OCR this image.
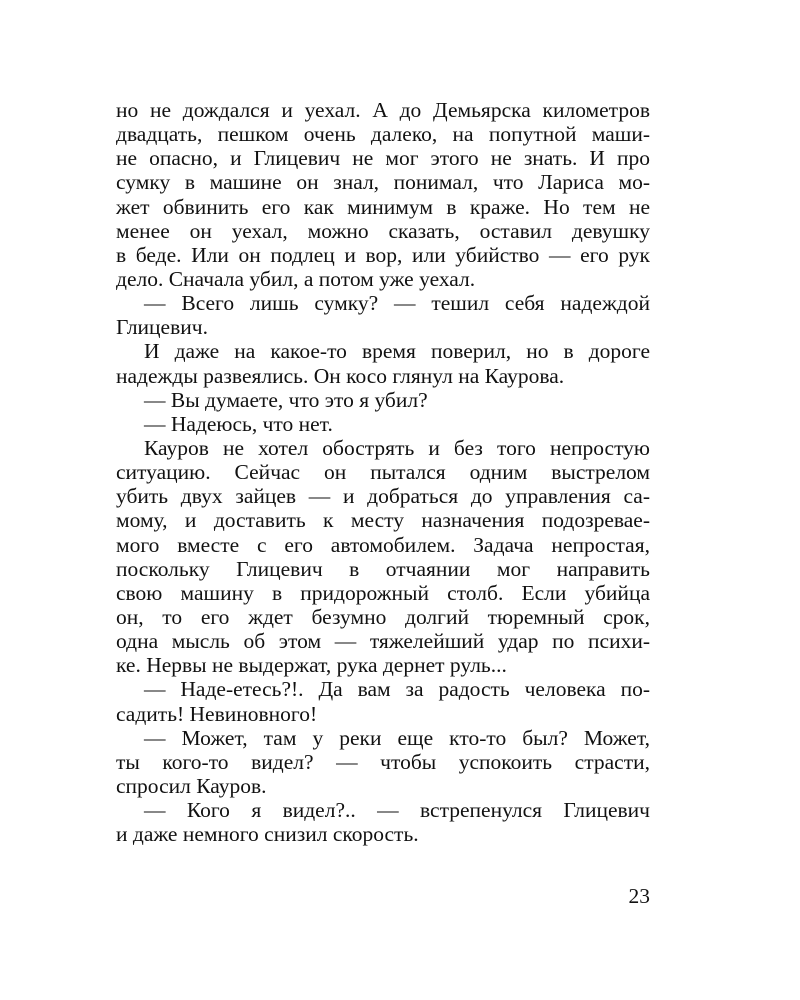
но не дождался и уехал. А до Демьярска километров
двадцать, пешком очень далеко, на попутной маши-
не опасно, и Глицевич не мог этого не знать. И про
сумку в машине он знал, понимал, что Лариса мо-
жет обвинить его как минимум в краже. Но тем не
менее он уехал, можно сказать, оставил девушку
в беде. Или он подлец и вор, или убийство — его рук
дело. Сначала убил, а потом уже уехал.
— Всего лишь сумку? — тешил себя надеждой
Глицевич.
И даже на какое-то время поверил, но в дороге
надежды развеялись. Он косо глянул на Каурова.
— Вы думаете, что это я убил?
— Надеюсь, что нет.
Кауров не хотел обострять и без того непростую
ситуацию. Сейчас он пытался одним выстрелом
убить двух зайцев — и добраться до управления са-
мому, и доставить к месту назначения подозревае-
мого вместе с его автомобилем. Задача непростая,
поскольку Глицевич в отчаянии мог направить
свою машину в придорожный столб. Если убийца
он, то его ждет безумно долгий тюремный срок,
одна мысль об этом — тяжелейший удар по психи-
ке. Нервы не выдержат, рука дернет руль...
— Наде-етесь?!. Да вам за радость человека по-
садить! Невиновного!
— Может, там у реки еще кто-то был? Может,
ты кого-то видел? — чтобы успокоить страсти,
спросил Кауров.
— Кого я видел?.. — встрепенулся Глицевич
и даже немного снизил скорость.
23
